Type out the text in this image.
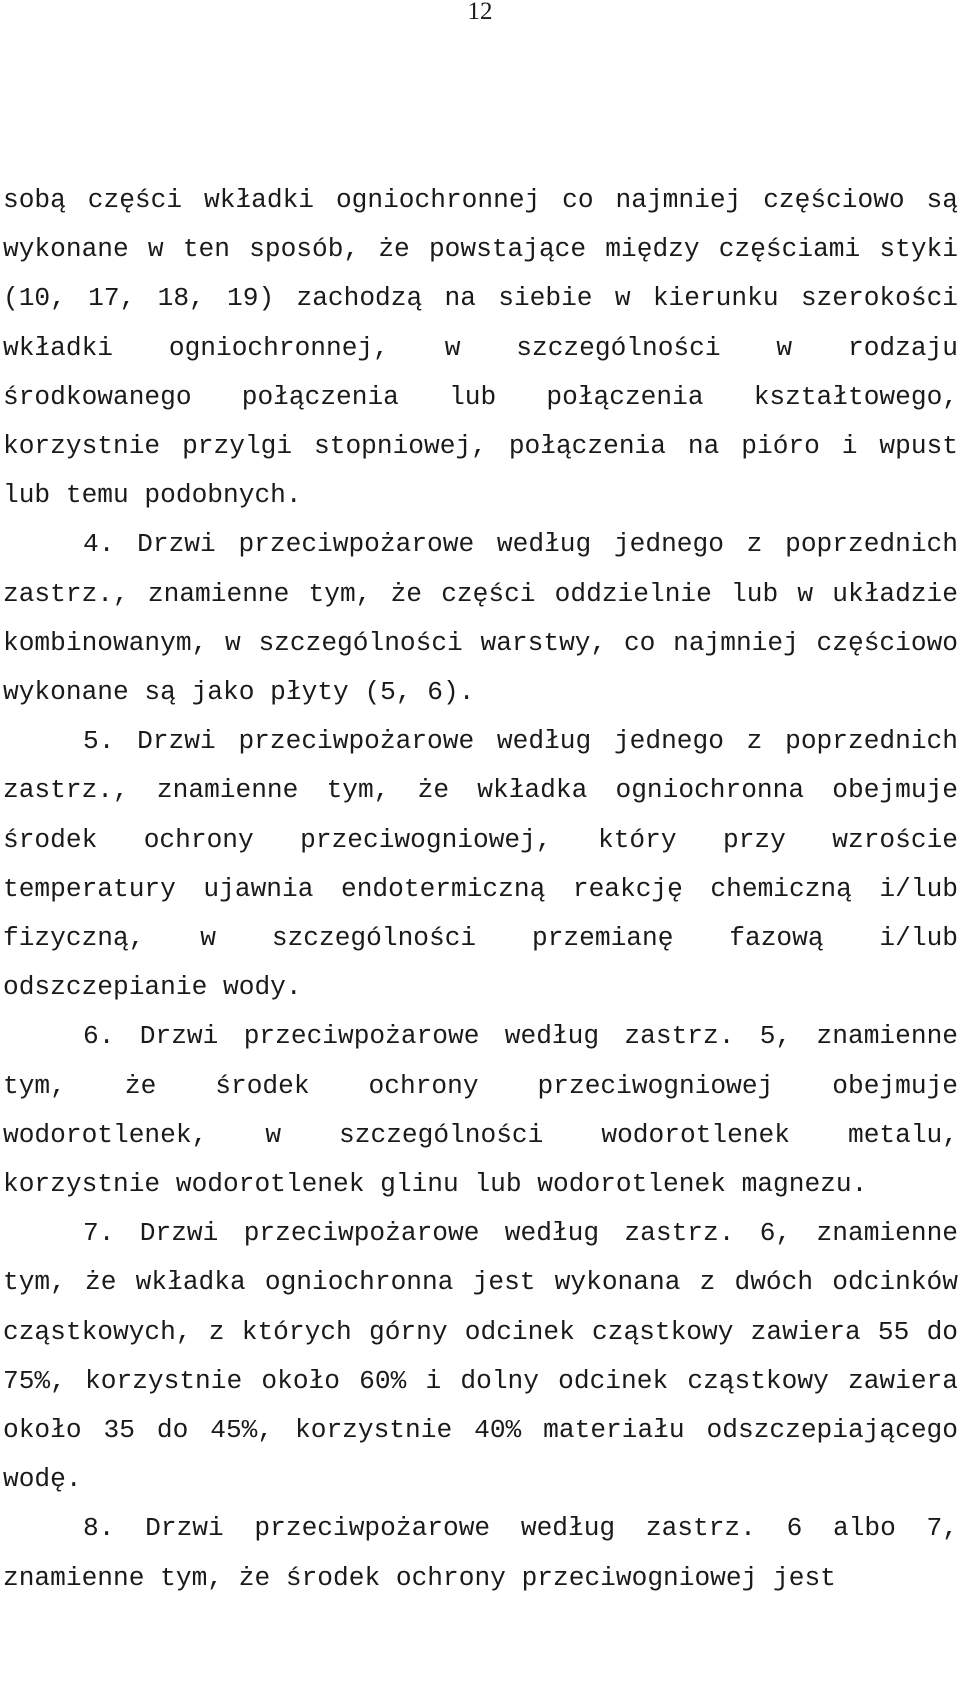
12

sobą części wkładki ogniochronnej co najmniej częściowo są wykonane w ten sposób, że powstające między częściami styki (10, 17, 18, 19) zachodzą na siebie w kierunku szerokości wkładki ogniochronnej, w szczególności w rodzaju środkowanego połączenia lub połączenia kształtowego, korzystnie przylgi stopniowej, połączenia na pióro i wpust lub temu podobnych.

4. Drzwi przeciwpożarowe według jednego z poprzednich zastrz., znamienne tym, że części oddzielnie lub w układzie kombinowanym, w szczególności warstwy, co najmniej częściowo wykonane są jako płyty (5, 6).

5. Drzwi przeciwpożarowe według jednego z poprzednich zastrz., znamienne tym, że wkładka ogniochronna obejmuje środek ochrony przeciwogniowej, który przy wzroście temperatury ujawnia endotermiczną reakcję chemiczną i/lub fizyczną, w szczególności przemianę fazową i/lub odszczepianie wody.

6. Drzwi przeciwpożarowe według zastrz. 5, znamienne tym, że środek ochrony przeciwogniowej obejmuje wodorotlenek, w szczególności wodorotlenek metalu, korzystnie wodorotlenek glinu lub wodorotlenek magnezu.

7. Drzwi przeciwpożarowe według zastrz. 6, znamienne tym, że wkładka ogniochronna jest wykonana z dwóch odcinków cząstkowych, z których górny odcinek cząstkowy zawiera 55 do 75%, korzystnie około 60% i dolny odcinek cząstkowy zawiera około 35 do 45%, korzystnie 40% materiału odszczepiającego wodę.

8. Drzwi przeciwpożarowe według zastrz. 6 albo 7, znamienne tym, że środek ochrony przeciwogniowej jest
